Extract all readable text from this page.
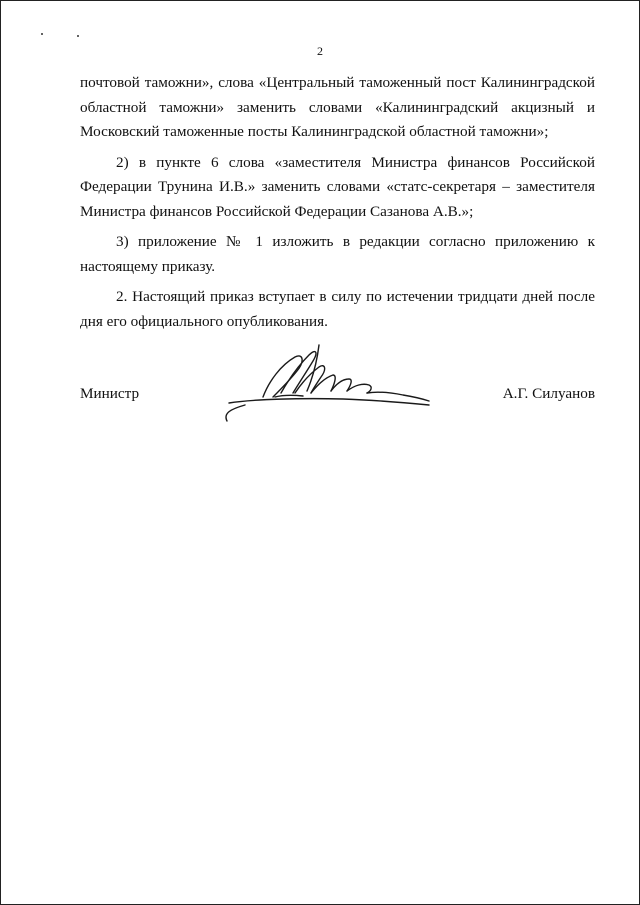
2

почтовой таможни», слова «Центральный таможенный пост Калининградской областной таможни» заменить словами «Калининградский акцизный и Московский таможенные посты Калининградской областной таможни»;

2) в пункте 6 слова «заместителя Министра финансов Российской Федерации Трунина И.В.» заменить словами «статс-секретаря – заместителя Министра финансов Российской Федерации Сазанова А.В.»;

3) приложение № 1 изложить в редакции согласно приложению к настоящему приказу.

2. Настоящий приказ вступает в силу по истечении тридцати дней после дня его официального опубликования.

Министр	А.Г. Силуанов
